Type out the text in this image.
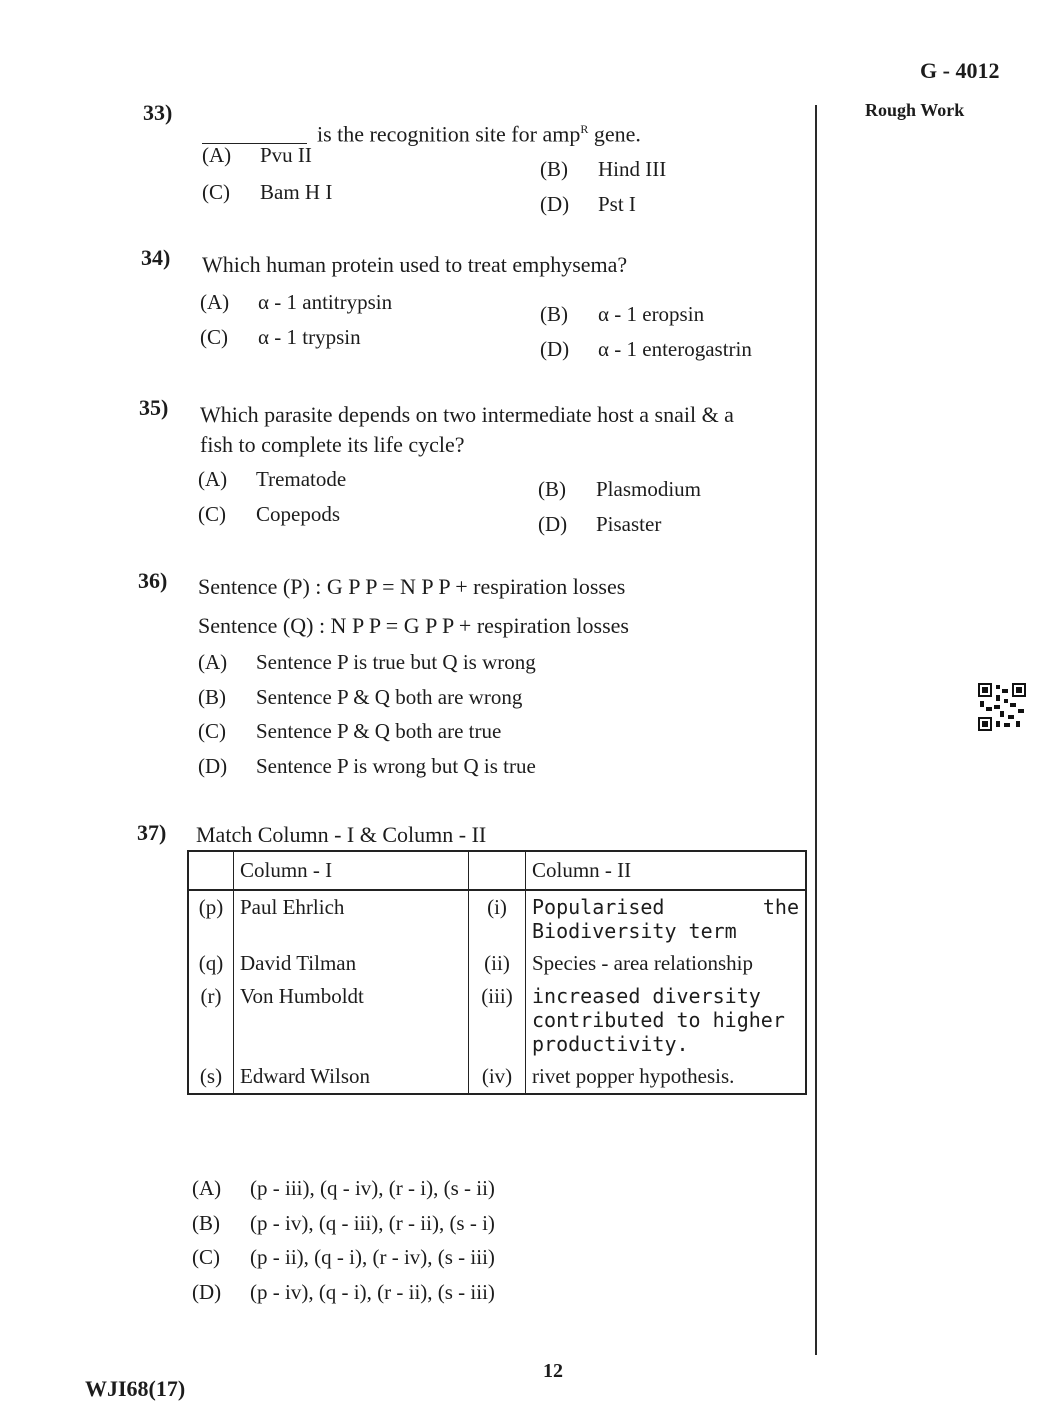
G - 4012
Rough Work
33)
is the recognition site for amp$^R$ gene.
(A)	Pvu II
(B)	Hind III
(C)	Bam H I	(D)	Pst I
34) Which human protein used to treat emphysema?
(A)	α - 1 antitrypsin	(B)	α - 1 eropsin
(C)	α - 1 trypsin	(D)	α - 1 enterogastrin
35) Which parasite depends on two intermediate host a snail & a
fish to complete its life cycle?
(A)	Trematode	(B)	Plasmodium
(C)	Copepods	(D)	Pisaster
36) Sentence (P) : G P P = N P P + respiration losses
Sentence (Q) : N P P = G P P + respiration losses
(A)	Sentence P is true but Q is wrong
(B)	Sentence P & Q both are wrong
(C)	Sentence P & Q both are true
(D)	Sentence P is wrong but Q is true
37) Match Column - I & Column - II
	Column - I		Column - II
(p)	Paul Ehrlich	(i)	Popularised the Biodiversity term
(q)	David Tilman	(ii)	Species - area relationship
(r)	Von Humboldt	(iii)	increased diversity contributed to higher productivity.
(s)	Edward Wilson	(iv)	rivet popper hypothesis.
(A)	(p - iii), (q - iv), (r - i), (s - ii)
(B)	(p - iv), (q - iii), (r - ii), (s - i)
(C)	(p - ii), (q - i), (r - iv), (s - iii)
(D)	(p - iv), (q - i), (r - ii), (s - iii)
12
WJI68(17)
